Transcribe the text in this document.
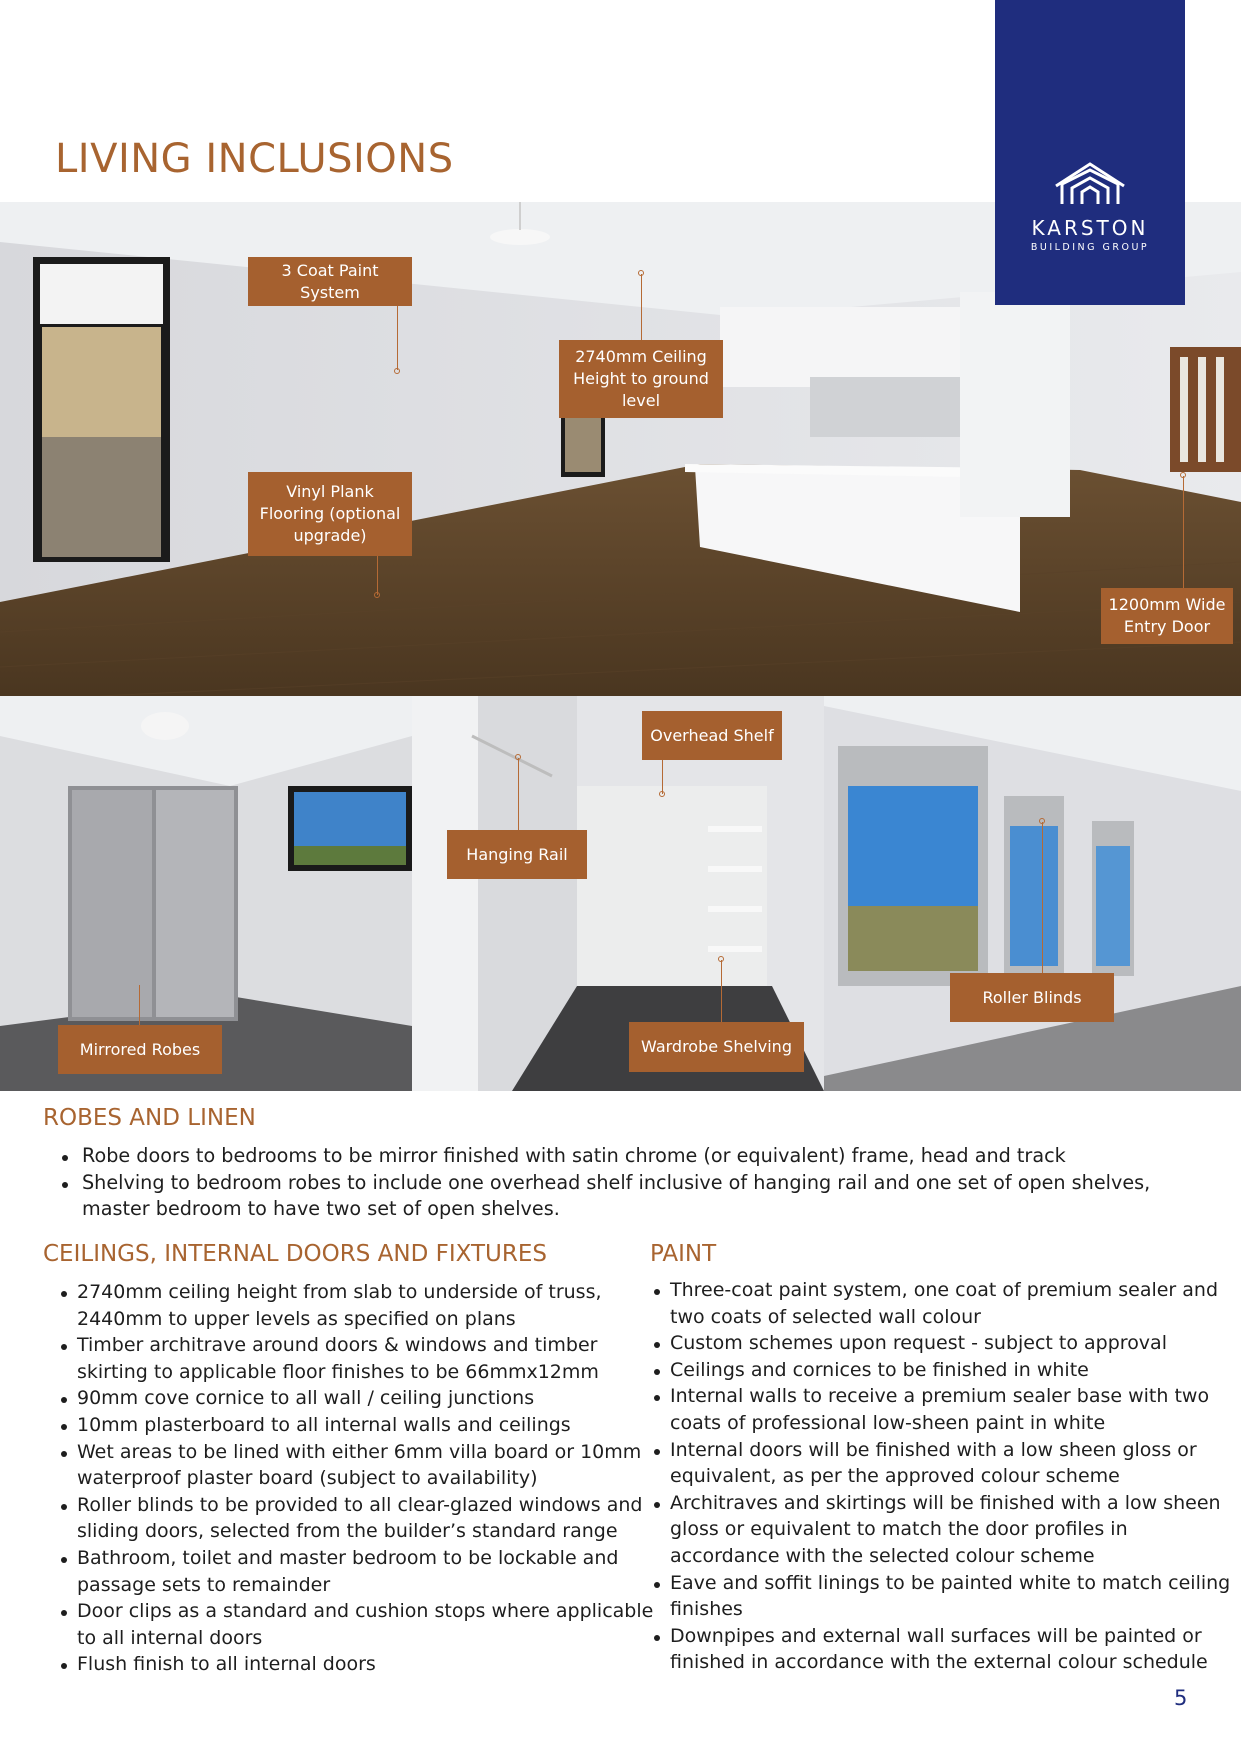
KARSTON
BUILDING GROUP
LIVING INCLUSIONS
3 Coat Paint System
2740mm Ceiling Height to ground level
Vinyl Plank Flooring (optional upgrade)
1200mm Wide Entry Door
Mirrored Robes
Hanging Rail
Overhead Shelf
Wardrobe Shelving
Roller Blinds
ROBES AND LINEN
Robe doors to bedrooms to be mirror finished with satin chrome (or equivalent) frame, head and track
Shelving to bedroom robes to include one overhead shelf inclusive of hanging rail and one set of open shelves, master bedroom to have two set of open shelves.
CEILINGS, INTERNAL DOORS AND FIXTURES
2740mm ceiling height from slab to underside of truss, 2440mm to upper levels as specified on plans
Timber architrave around doors & windows and timber skirting to applicable floor finishes to be 66mmx12mm
90mm cove cornice to all wall / ceiling junctions
10mm plasterboard to all internal walls and ceilings
Wet areas to be lined with either 6mm villa board or 10mm waterproof plaster board (subject to availability)
Roller blinds to be provided to all clear-glazed windows and sliding doors, selected from the builder’s standard range
Bathroom, toilet and master bedroom to be lockable and passage sets to remainder
Door clips as a standard and cushion stops where applicable to all internal doors
Flush finish to all internal doors
PAINT
Three-coat paint system, one coat of premium sealer and two coats of selected wall colour
Custom schemes upon request - subject to approval
Ceilings and cornices to be finished in white
Internal walls to receive a premium sealer base with two coats of professional low-sheen paint in white
Internal doors will be finished with a low sheen gloss or equivalent, as per the approved colour scheme
Architraves and skirtings will be finished with a low sheen gloss or equivalent to match the door profiles in accordance with the selected colour scheme
Eave and soffit linings to be painted white to match ceiling finishes
Downpipes and external wall surfaces will be painted or finished in accordance with the external colour schedule
5
